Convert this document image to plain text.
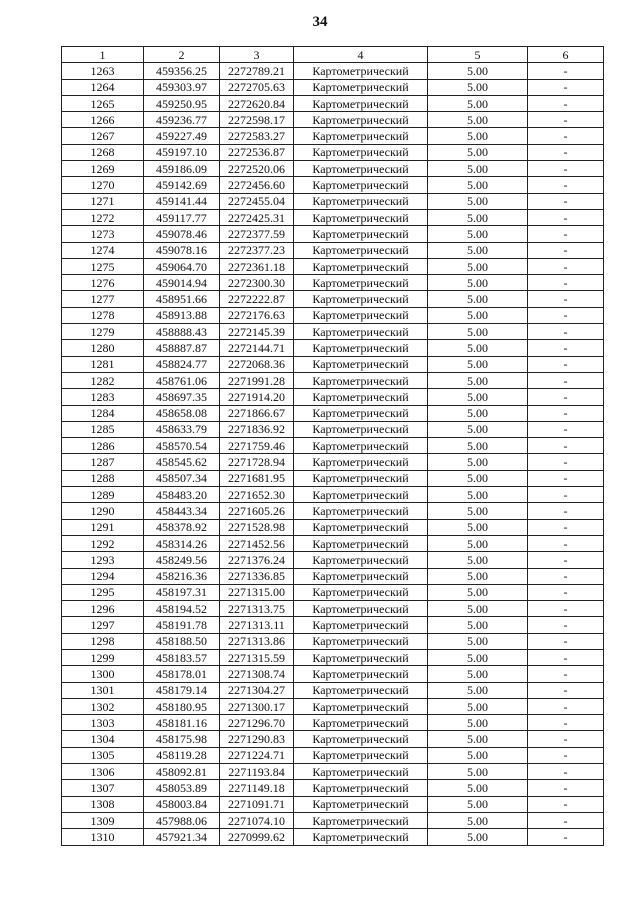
34
1	2	3	4	5	6
1263	459356.25	2272789.21	Картометрический	5.00	-
1264	459303.97	2272705.63	Картометрический	5.00	-
1265	459250.95	2272620.84	Картометрический	5.00	-
1266	459236.77	2272598.17	Картометрический	5.00	-
1267	459227.49	2272583.27	Картометрический	5.00	-
1268	459197.10	2272536.87	Картометрический	5.00	-
1269	459186.09	2272520.06	Картометрический	5.00	-
1270	459142.69	2272456.60	Картометрический	5.00	-
1271	459141.44	2272455.04	Картометрический	5.00	-
1272	459117.77	2272425.31	Картометрический	5.00	-
1273	459078.46	2272377.59	Картометрический	5.00	-
1274	459078.16	2272377.23	Картометрический	5.00	-
1275	459064.70	2272361.18	Картометрический	5.00	-
1276	459014.94	2272300.30	Картометрический	5.00	-
1277	458951.66	2272222.87	Картометрический	5.00	-
1278	458913.88	2272176.63	Картометрический	5.00	-
1279	458888.43	2272145.39	Картометрический	5.00	-
1280	458887.87	2272144.71	Картометрический	5.00	-
1281	458824.77	2272068.36	Картометрический	5.00	-
1282	458761.06	2271991.28	Картометрический	5.00	-
1283	458697.35	2271914.20	Картометрический	5.00	-
1284	458658.08	2271866.67	Картометрический	5.00	-
1285	458633.79	2271836.92	Картометрический	5.00	-
1286	458570.54	2271759.46	Картометрический	5.00	-
1287	458545.62	2271728.94	Картометрический	5.00	-
1288	458507.34	2271681.95	Картометрический	5.00	-
1289	458483.20	2271652.30	Картометрический	5.00	-
1290	458443.34	2271605.26	Картометрический	5.00	-
1291	458378.92	2271528.98	Картометрический	5.00	-
1292	458314.26	2271452.56	Картометрический	5.00	-
1293	458249.56	2271376.24	Картометрический	5.00	-
1294	458216.36	2271336.85	Картометрический	5.00	-
1295	458197.31	2271315.00	Картометрический	5.00	-
1296	458194.52	2271313.75	Картометрический	5.00	-
1297	458191.78	2271313.11	Картометрический	5.00	-
1298	458188.50	2271313.86	Картометрический	5.00	-
1299	458183.57	2271315.59	Картометрический	5.00	-
1300	458178.01	2271308.74	Картометрический	5.00	-
1301	458179.14	2271304.27	Картометрический	5.00	-
1302	458180.95	2271300.17	Картометрический	5.00	-
1303	458181.16	2271296.70	Картометрический	5.00	-
1304	458175.98	2271290.83	Картометрический	5.00	-
1305	458119.28	2271224.71	Картометрический	5.00	-
1306	458092.81	2271193.84	Картометрический	5.00	-
1307	458053.89	2271149.18	Картометрический	5.00	-
1308	458003.84	2271091.71	Картометрический	5.00	-
1309	457988.06	2271074.10	Картометрический	5.00	-
1310	457921.34	2270999.62	Картометрический	5.00	-
